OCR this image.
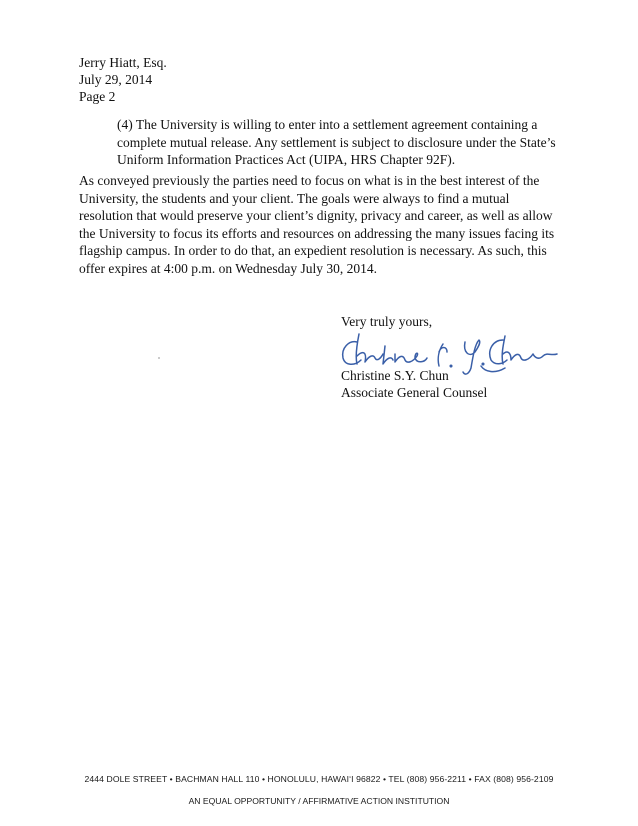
Jerry Hiatt, Esq.
July 29, 2014
Page 2
(4) The University is willing to enter into a settlement agreement containing a
complete mutual release. Any settlement is subject to disclosure under the State’s
Uniform Information Practices Act (UIPA, HRS Chapter 92F).
As conveyed previously the parties need to focus on what is in the best interest of the
University, the students and your client. The goals were always to find a mutual
resolution that would preserve your client’s dignity, privacy and career, as well as allow
the University to focus its efforts and resources on addressing the many issues facing its
flagship campus. In order to do that, an expedient resolution is necessary. As such, this
offer expires at 4:00 p.m. on Wednesday July 30, 2014.
Very truly yours,
Christine S.Y. Chun
Associate General Counsel
2444 DOLE STREET • BACHMAN HALL 110 • HONOLULU, HAWAI‘I 96822 • TEL (808) 956-2211 • FAX (808) 956-2109
AN EQUAL OPPORTUNITY / AFFIRMATIVE ACTION INSTITUTION
